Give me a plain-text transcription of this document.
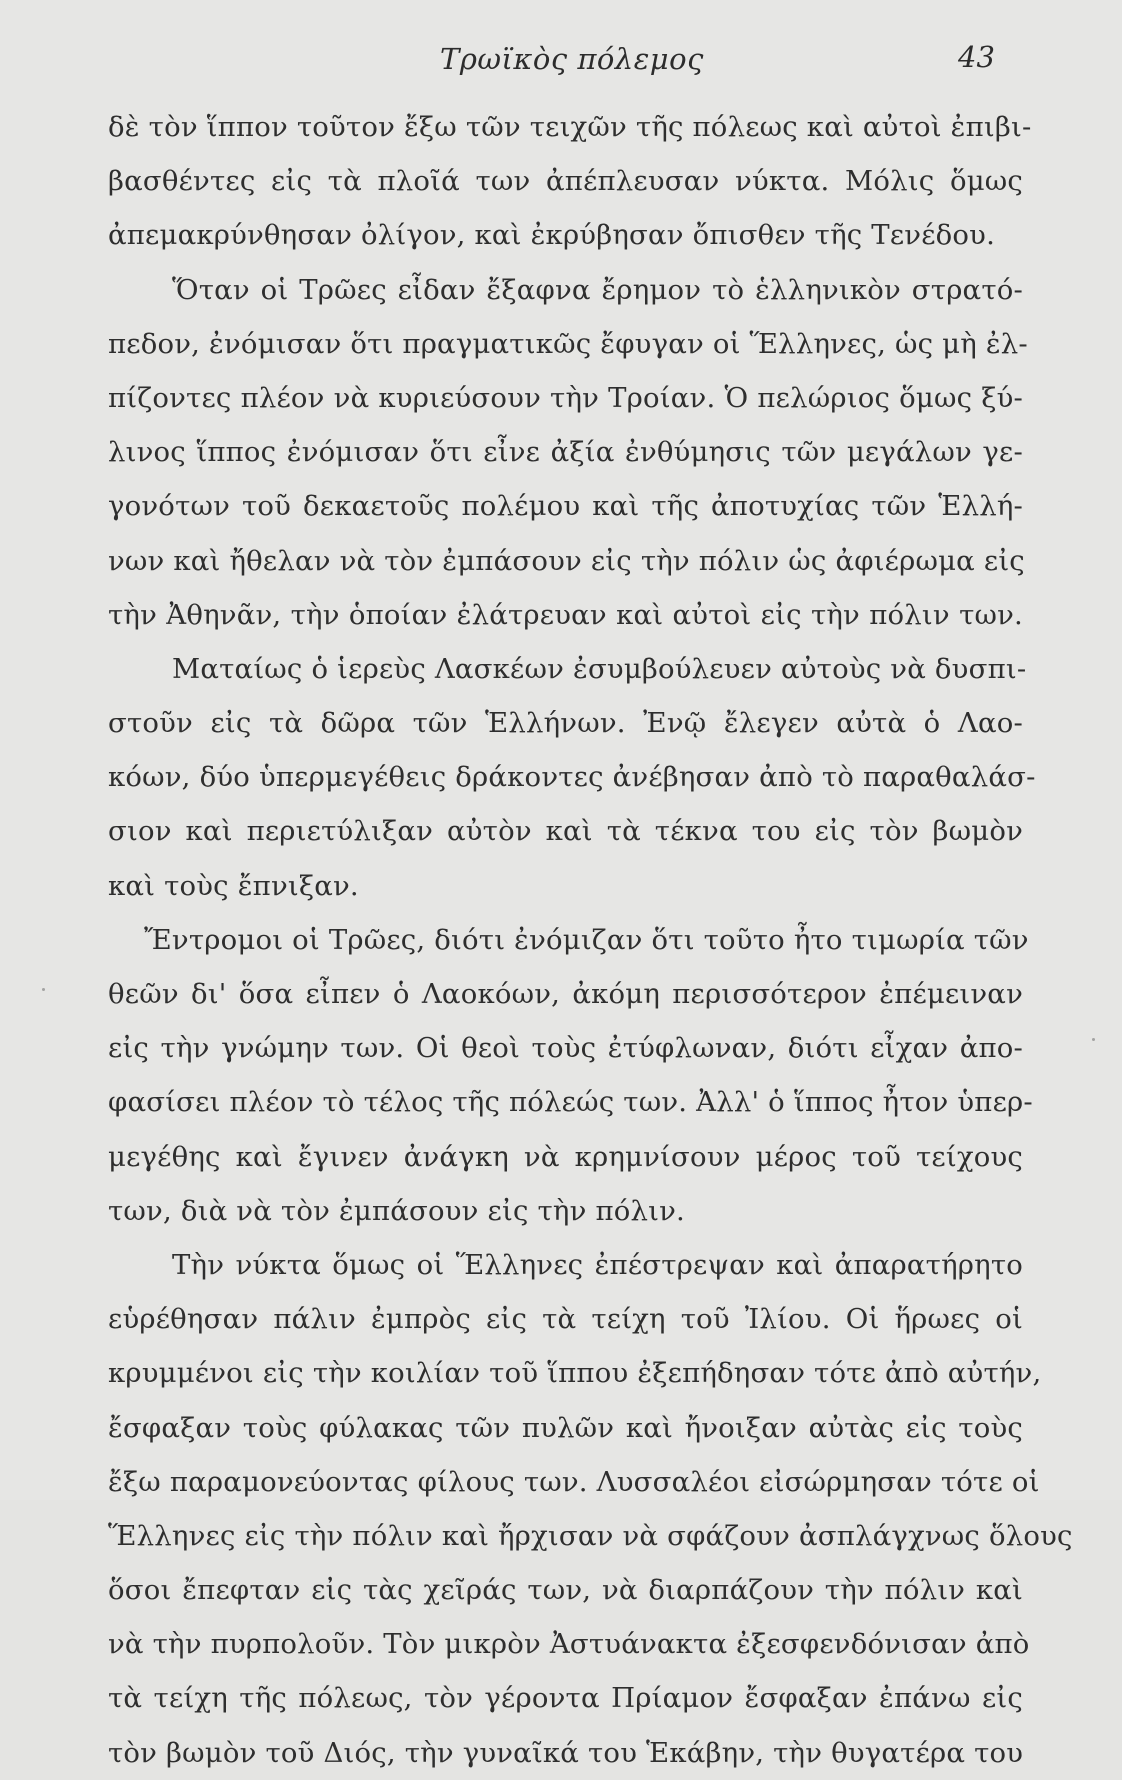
Τρωϊκὸς πόλεμος	43
δὲ τὸν ἵππον τοῦτον ἔξω τῶν τειχῶν τῆς πόλεως καὶ αὐτοὶ ἐπιβι-
βασθέντες εἰς τὰ πλοῖά των ἀπέπλευσαν νύκτα. Μόλις ὅμως
ἀπεμακρύνθησαν ὀλίγον, καὶ ἐκρύβησαν ὄπισθεν τῆς Τενέδου.
Ὅταν οἱ Τρῶες εἶδαν ἔξαφνα ἔρημον τὸ ἑλληνικὸν στρατό-
πεδον, ἐνόμισαν ὅτι πραγματικῶς ἔφυγαν οἱ Ἕλληνες, ὡς μὴ ἐλ-
πίζοντες πλέον νὰ κυριεύσουν τὴν Τροίαν. Ὁ πελώριος ὅμως ξύ-
λινος ἵππος ἐνόμισαν ὅτι εἶνε ἀξία ἐνθύμησις τῶν μεγάλων γε-
γονότων τοῦ δεκαετοῦς πολέμου καὶ τῆς ἀποτυχίας τῶν Ἑλλή-
νων καὶ ἤθελαν νὰ τὸν ἐμπάσουν εἰς τὴν πόλιν ὡς ἀφιέρωμα εἰς
τὴν Ἀθηνᾶν, τὴν ὁποίαν ἐλάτρευαν καὶ αὐτοὶ εἰς τὴν πόλιν των.
Ματαίως ὁ ἱερεὺς Λασκέων ἐσυμβούλευεν αὐτοὺς νὰ δυσπι-
στοῦν εἰς τὰ δῶρα τῶν Ἑλλήνων. Ἐνῷ ἔλεγεν αὐτὰ ὁ Λαο-
κόων, δύο ὑπερμεγέθεις δράκοντες ἀνέβησαν ἀπὸ τὸ παραθαλάσ-
σιον καὶ περιετύλιξαν αὐτὸν καὶ τὰ τέκνα του εἰς τὸν βωμὸν
καὶ τοὺς ἔπνιξαν.
Ἔντρομοι οἱ Τρῶες, διότι ἐνόμιζαν ὅτι τοῦτο ἦτο τιμωρία τῶν
θεῶν δι' ὅσα εἶπεν ὁ Λαοκόων, ἀκόμη περισσότερον ἐπέμειναν
εἰς τὴν γνώμην των. Οἱ θεοὶ τοὺς ἐτύφλωναν, διότι εἶχαν ἀπο-
φασίσει πλέον τὸ τέλος τῆς πόλεώς των. Ἀλλ' ὁ ἵππος ἦτον ὑπερ-
μεγέθης καὶ ἔγινεν ἀνάγκη νὰ κρημνίσουν μέρος τοῦ τείχους
των, διὰ νὰ τὸν ἐμπάσουν εἰς τὴν πόλιν.
Τὴν νύκτα ὅμως οἱ Ἕλληνες ἐπέστρεψαν καὶ ἀπαρατήρητο
εὑρέθησαν πάλιν ἐμπρὸς εἰς τὰ τείχη τοῦ Ἰλίου. Οἱ ἥρωες οἱ
κρυμμένοι εἰς τὴν κοιλίαν τοῦ ἵππου ἐξεπήδησαν τότε ἀπὸ αὐτήν,
ἔσφαξαν τοὺς φύλακας τῶν πυλῶν καὶ ἤνοιξαν αὐτὰς εἰς τοὺς
ἔξω παραμονεύοντας φίλους των. Λυσσαλέοι εἰσώρμησαν τότε οἱ
Ἕλληνες εἰς τὴν πόλιν καὶ ἤρχισαν νὰ σφάζουν ἀσπλάγχνως ὅλους
ὅσοι ἔπεφταν εἰς τὰς χεῖράς των, νὰ διαρπάζουν τὴν πόλιν καὶ
νὰ τὴν πυρπολοῦν. Τὸν μικρὸν Ἀστυάνακτα ἐξεσφενδόνισαν ἀπὸ
τὰ τείχη τῆς πόλεως, τὸν γέροντα Πρίαμον ἔσφαξαν ἐπάνω εἰς
τὸν βωμὸν τοῦ Διός, τὴν γυναῖκά του Ἑκάβην, τὴν θυγατέρα του
